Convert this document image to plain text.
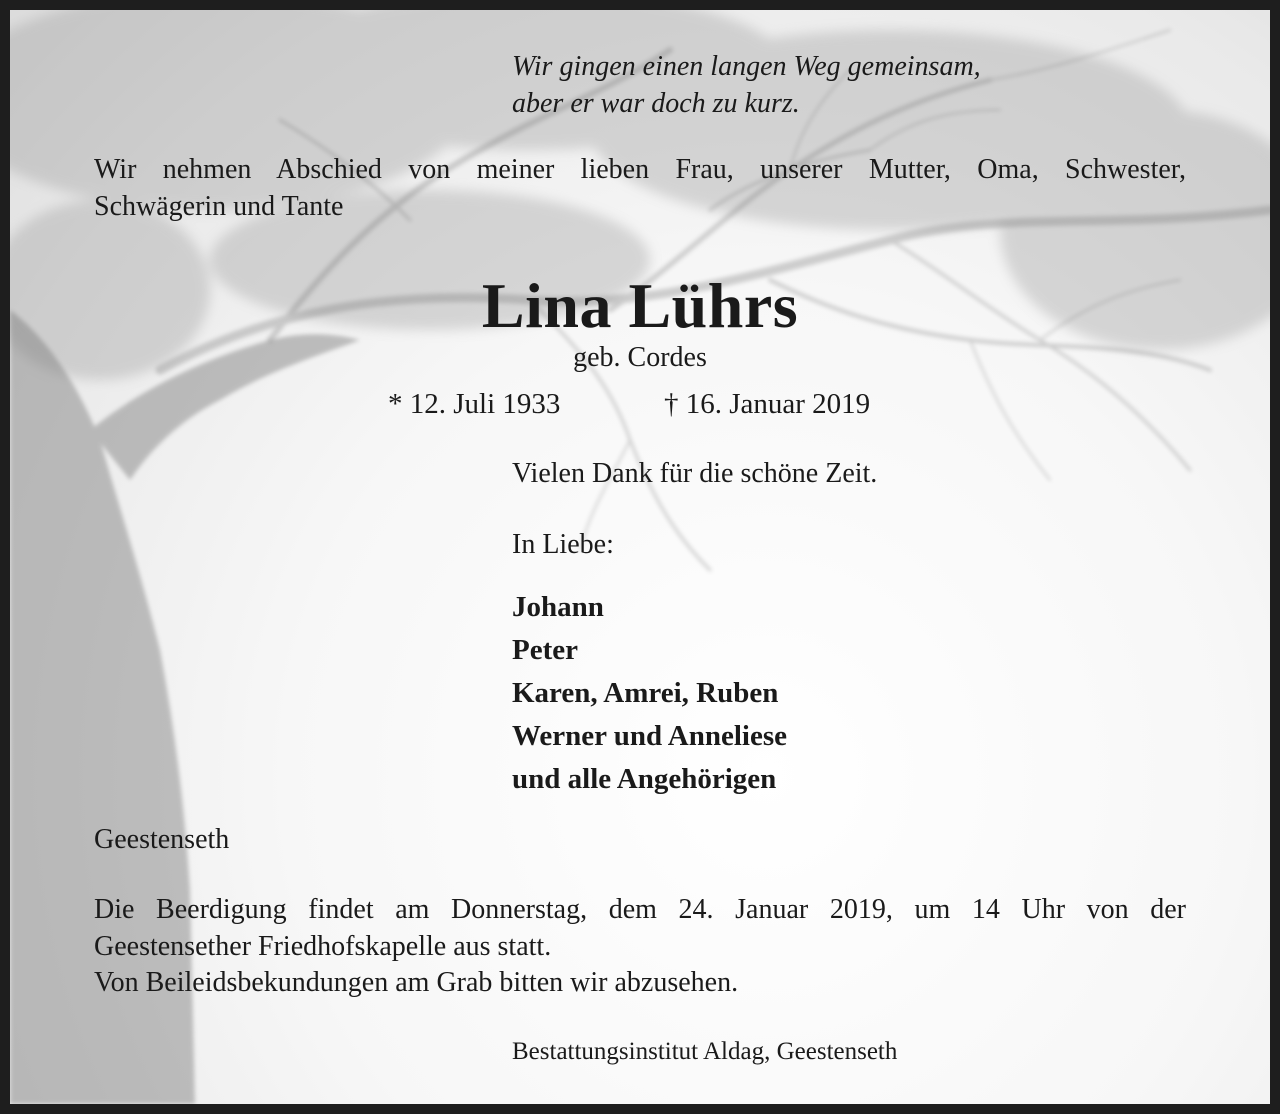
Wir gingen einen langen Weg gemeinsam,
aber er war doch zu kurz.
Wir nehmen Abschied von meiner lieben Frau, unserer Mutter, Oma, Schwester,
Schwägerin und Tante
Lina Lührs
geb. Cordes
* 12. Juli 1933	† 16. Januar 2019
Vielen Dank für die schöne Zeit.
In Liebe:
Johann
Peter
Karen, Amrei, Ruben
Werner und Anneliese
und alle Angehörigen
Geestenseth
Die Beerdigung findet am Donnerstag, dem 24. Januar 2019, um 14 Uhr von der
Geestensether Friedhofskapelle aus statt.
Von Beileidsbekundungen am Grab bitten wir abzusehen.
Bestattungsinstitut Aldag, Geestenseth
